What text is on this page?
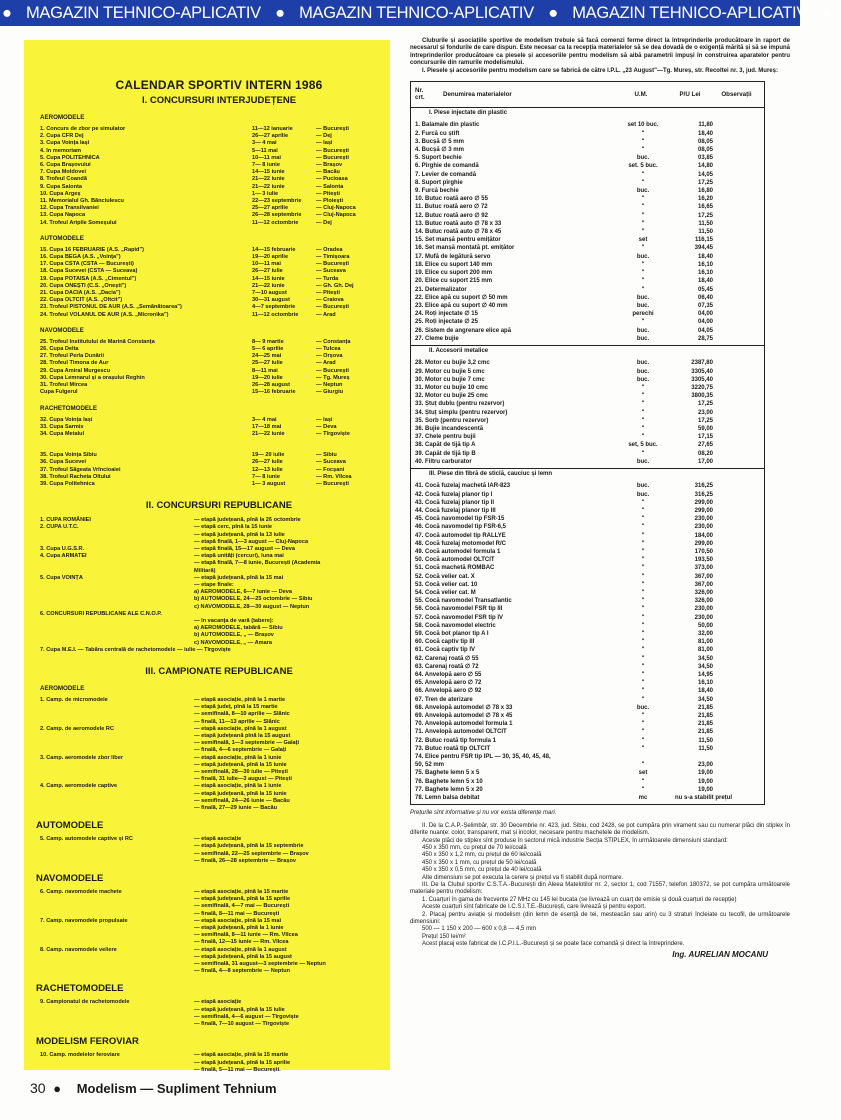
● MAGAZIN TEHNICO-APLICATIV ● MAGAZIN TEHNICO-APLICATIV ● MAGAZIN TEHNICO-APLICATIV ●
CALENDAR SPORTIV INTERN 1986
I. CONCURSURI INTERJUDEȚENE
AEROMODELE
1. Concurs de zbor pe simulator	11—12 ianuarie	— București
2. Cupa CFR Dej	26—27 aprilie	— Dej
3. Cupa Voința Iași	3— 4 mai	— Iași
4. In memoriam	5—11 mai	— București
5. Cupa POLITEHNICA	10—11 mai	— București
6. Cupa Brașovului	7— 8 iunie	— Brașov
7. Cupa Moldovei	14—15 iunie	— Bacău
8. Trofeul Coandă	21—22 iunie	— Pucioasa
9. Cupa Salonta	21—22 iunie	— Salonta
10. Cupa Argeș	1— 3 iulie	— Pitești
11. Memorialul Gh. Bănciulescu	22—23 septembrie	— Ploiești
12. Cupa Transilvaniei	25—27 aprilie	— Cluj-Napoca
13. Cupa Napoca	26—28 septembrie	— Cluj-Napoca
14. Trofeul Aripile Someșului	11—12 octombrie	— Dej
AUTOMODELE
15. Cupa 16 FEBRUARIE (A.S. „Rapid")	14—15 februarie	— Oradea
16. Cupa BEGA (A.S. „Voința")	19—20 aprilie	— Timișoara
17. Cupa CSTA (CSTA — București)	10—11 mai	— București
18. Cupa Sucevei (CSTA — Suceava)	26—27 iulie	— Suceava
19. Cupa POTAISA (A.S. „Cimentul")	14—15 iunie	— Turda
20. Cupa ONEȘTI (C.S. „Onești")	21—22 iunie	— Gh. Gh. Dej
21. Cupa DACIA (A.S. „Dacia")	7—10 august	— Pitești
22. Cupa OLTCIT (A.S. „Oltcit")	30—31 august	— Craiova
23. Trofeul PISTONUL DE AUR (A.S. „Semănătoarea")	4—7 septembrie	— București
24. Trofeul VOLANUL DE AUR (A.S. „Micronika")	11—12 octombrie	— Arad
NAVOMODELE
25. Trofeul Institutului de Marină Constanța	8— 9 martie	— Constanța
26. Cupa Delta	5— 6 aprilie	— Tulcea
27. Trofeul Perla Dunării	24—25 mai	— Orșova
28. Trofeul Timona de Aur	25—27 iulie	— Arad
29. Cupa Amiral Murgescu	8—11 mai	— București
30. Cupa Lemnarul și a orașului Reghin	19—20 iulie	— Tg. Mureș
31. Trofeul Mircea	26—28 august	— Neptun
Cupa Fulgerul	15—16 februarie	— Giurgiu
RACHETOMODELE
32. Cupa Voința Iași	3— 4 mai	— Iași
33. Cupa Sarmis	17—18 mai	— Deva
34. Cupa Metalul	21—22 iunie	— Tîrgoviște
35. Cupa Voința Sibiu	19— 20 iulie	— Sibiu
36. Cupa Sucevei	26—27 iulie	— Suceava
37. Trofeul Săgeata Vrîncioaiei	12—13 iulie	— Focșani
38. Trofeul Racheta Oltului	7— 8 iunie	— Rm. Vîlcea
39. Cupa Politehnica	1— 3 august	— București
II. CONCURSURI REPUBLICANE
1. CUPA ROMÂNIEI	— etapă județeană, pînă la 26 octombrie
2. CUPA U.T.C.	— etapă cerc, pînă la 15 iunie
— etapă județeană, pînă la 13 iulie
— etapă finală, 1—3 august — Cluj-Napoca
3. Cupa U.G.S.R.	— etapă finală, 15—17 august — Deva
4. Cupa ARMATEI	— etapă unități (cercuri), luna mai
— etapă finală, 7—8 iunie, București (Academia
Militară)
5. Cupa VOINȚA	— etapă județeană, pînă la 15 mai
— etape finale:
a) AEROMODELE, 6—7 iunie — Deva
b) AUTOMODELE, 24—25 octombrie — Sibiu
c) NAVOMODELE, 28—30 august — Neptun
6. CONCURSURI REPUBLICANE ALE C.N.O.P.

— în vacanța de vară (tabere):
a) AEROMODELE, tabără — Sibiu
b) AUTOMODELE, „ — Brașov
c) NAVOMODELE, „ — Amara
7. Cupa M.E.I. — Tabăra centrală de rachetomodele — iulie — Tîrgoviște
III. CAMPIONATE REPUBLICANE
AEROMODELE
1. Camp. de micromodele	— etapă asociație, pînă la 1 martie
— etapă județ, pînă la 15 martie
— semifinală, 8—10 aprilie — Slănic
— finală, 11—13 aprilie — Slănic
2. Camp. de aeromodele RC	— etapă asociație, pînă la 1 august
— etapă județeană pînă la 15 august
— semifinală, 1—3 septembrie — Galați
— finală, 4—6 septembrie — Galați
3. Camp. aeromodele zbor liber	— etapă asociație, pînă la 1 iunie
— etapă județeană, pînă la 15 iunie
— semifinală, 28—30 iulie — Pitești
— finală, 31 iulie—3 august — Pitești
4. Camp. aeromodele captive	— etapă asociație, pînă la 1 iunie
— etapă județeană, pînă la 15 iunie
— semifinală, 24—26 iunie — Bacău
— finală, 27—29 iunie — Bacău
AUTOMODELE
5. Camp. automodele captive și RC	— etapă asociație
— etapă județeană, pînă la 15 septembrie
— semifinală, 22—25 septembrie — Brașov
— finală, 26—28 septembrie — Brașov
NAVOMODELE
6. Camp. navomodele machete	— etapă asociație, pînă la 15 martie
— etapă județeană, pînă la 15 aprilie
— semifinală, 4—7 mai — București
— finală, 8—11 mai — București
7. Camp. navomodele propulsate	— etapă asociație, pînă la 15 mai
— etapă județeană, pînă la 1 iunie
— semifinală, 8—11 iunie — Rm. Vîlcea
— finală, 12—15 iunie — Rm. Vîlcea
8. Camp. navomodele veliere	— etapă asociație, pînă la 1 august
— etapă județeană, pînă la 15 august
— semifinală, 31 august—3 septembrie — Neptun
— finală, 4—8 septembrie — Neptun
RACHETOMODELE
9. Campionatul de rachetomodele	— etapă asociație
— etapă județeană, pînă la 15 iulie
— semifinală, 4—6 august — Tîrgoviște
— finală, 7—10 august — Tîrgoviște
MODELISM FEROVIAR
10. Camp. modelelor feroviare	— etapă asociație, pînă la 15 martie
— etapă județeană, pînă la 15 aprilie
— finală, 5—11 mai — București.
30 ● Modelism — Supliment Tehnium
Cluburile și asociațiile sportive de modelism trebuie să facă comenzi ferme direct la întreprinderile producătoare în raport de necesarul și fondurile de care dispun. Este necesar ca la recepția materialelor să se dea dovadă de o exigență mărită și să se impună întreprinderilor producătoare ca piesele și accesoriile pentru modelism să aibă parametrii impuși în construirea aparatelor pentru concursurile din ramurile modelismului.
I. Piesele și accesoriile pentru modelism care se fabrică de către I.P.L. „23 August"—Tg. Mureș, str. Recoltei nr. 3, jud. Mureș:
Nr. crt.	Denumirea materialelor	U.M.	P/U Lei	Observații
I. Piese injectate din plastic
1. Balamale din plastic	set 10 buc.	11,80
2. Furcă cu știft	"	18,40
3. Bucșă ∅ 5 mm	"	08,05
4. Bucșă ∅ 3 mm	"	08,05
5. Suport bechie	buc.	03,85
6. Pîrghie de comandă	set. 5 buc.	14,80
7. Levier de comandă	"	14,05
8. Suport pîrghie	"	17,25
9. Furcă bechie	buc.	16,80
10. Butuc roată aero ∅ 55	"	16,20
11. Butuc roată aero ∅ 72	"	16,65
12. Butuc roată aero ∅ 92	"	17,25
13. Butuc roată auto ∅ 78 x 33	"	11,50
14. Butuc roată auto ∅ 78 x 45	"	11,50
15. Set manșă pentru emițător	set	116,15
16. Set manșă montată pt. emițător	"	394,45
17. Mufă de legătură servo	buc.	18,40
18. Elice cu suport 140 mm	"	16,10
19. Elice cu suport 200 mm	"	16,10
20. Elice cu suport 215 mm	"	18,40
21. Determalizator	"	05,45
22. Elice apă cu suport ∅ 50 mm	buc.	06,40
23. Elice apă cu suport ∅ 40 mm	buc.	07,35
24. Roți injectate ∅ 15	perechi	04,00
25. Roți injectate ∅ 25	"	04,00
26. Sistem de angrenare elice apă	buc.	04,05
27. Cleme bujie	buc.	28,75
II. Accesorii metalice
28. Motor cu bujie 3,2 cmc	buc.	2387,80
29. Motor cu bujie 5 cmc	buc.	3305,40
30. Motor cu bujie 7 cmc	buc.	3305,40
31. Motor cu bujie 10 cmc	"	3220,75
32. Motor cu bujie 25 cmc	"	3800,35
33. Ștuț dublu (pentru rezervor)	"	17,25
34. Ștuț simplu (pentru rezervor)	"	23,00
35. Sorb (pentru rezervor)	"	17,25
36. Bujie incandescentă	"	59,00
37. Chele pentru bujii	"	17,15
38. Capăt de tijă tip A	set, 5 buc.	27,65
39. Capăt de tijă tip B	"	08,20
40. Filtru carburator	buc.	17,00
III. Piese din fibră de sticlă, cauciuc și lemn
41. Cocă fuzelaj machetă IAR-823	buc.	316,25
42. Cocă fuzelaj planor tip I	buc.	316,25
43. Cocă fuzelaj planor tip II	"	299,00
44. Cocă fuzelaj planor tip III	"	299,00
45. Cocă navomodel tip FSR-15	"	230,00
46. Cocă navomodel tip FSR-6,5	"	230,00
47. Cocă automodel tip RALLYE	"	184,00
48. Cocă fuzelaj motomodel R/C	"	299,00
49. Cocă automodel formula 1	"	170,50
50. Cocă automodel OLTCIT	"	193,50
51. Cocă machetă ROMBAC	"	373,00
52. Cocă velier cat. X	"	367,00
53. Cocă velier cat. 10	"	367,00
54. Cocă velier cat. M	"	326,00
55. Cocă navomodel Transatlantic	"	326,00
56. Cocă navomodel FSR tip III	"	230,00
57. Cocă navomodel FSR tip IV	"	230,00
58. Cocă navomodel electric	"	50,00
59. Cocă bot planor tip A I	"	32,00
60. Cocă captiv tip III	"	81,00
61. Cocă captiv tip IV	"	81,00
62. Carenaj roată ∅ 55	"	34,50
63. Carenaj roată ∅ 72	"	34,50
64. Anvelopă aero ∅ 55	"	14,95
65. Anvelopă aero ∅ 72	"	16,10
66. Anvelopă aero ∅ 92	"	18,40
67. Tren de aterizare	"	34,50
68. Anvelopă automodel ∅ 78 x 33	buc.	21,85
69. Anvelopă automodel ∅ 78 x 45	"	21,85
70. Anvelopă automodel formula 1	"	21,85
71. Anvelopă automodel OLTCIT	"	21,85
72. Butuc roată tip formula 1	"	11,50
73. Butuc roată tip OLTCIT	"	11,50
74. Elice pentru FSR tip IPL — 30, 35, 40, 45, 48,
50, 52 mm	"	23,00
75. Baghete lemn 5 x 5	set	19,00
76. Baghete lemn 5 x 10	"	19,00
77. Baghete lemn 5 x 20	"	19,00
78. Lemn balsa debitat	mc	nu s-a stabilit prețul
Prețurile sînt informative și nu vor exista diferențe mari.
II. De la C.A.P.-Șelimbăr, str. 30 Decembrie nr. 423, jud. Sibiu, cod 2428, se pot cumpăra prin virament sau cu numerar plăci din stiplex în diferite nuanțe: color, transparent, mat și incolor, necesare pentru machetele de modelism.
Aceste plăci de stiplex sînt produse în sectorul mică industrie Secția STIPLEX, în următoarele dimensiuni standard:
450 x 350 mm, cu prețul de 70 lei/coală
450 x 350 x 1,2 mm, cu prețul de 60 lei/coală
450 x 350 x 1 mm, cu prețul de 50 lei/coală
450 x 350 x 0,5 mm, cu prețul de 40 lei/coală
Alte dimensiuni se pot executa la cerere și prețul va fi stabilit după normare.
III. De la Clubul sportiv C.S.T.A.-București din Aleea Matelotilor nr. 2, sector 1, cod 71557, telefon 180372, se pot cumpăra următoarele materiale pentru modelism:
1. Cuarțuri în gama de frecvențe 27 MHz cu 145 lei bucata (se livrează un cuarț de emisie și două cuarțuri de recepție)
Aceste cuarțuri sînt fabricate de I.C.S.I.T.E.-București, care livrează și pentru export.
2. Placaj pentru aviație și modelism (din lemn de esență de tei, mesteacăn sau arin) cu 3 straturi încleiate cu tecofil, de următoarele dimensiuni:
500 — 1 150 x 200 — 600 x 0,8 — 4,5 mm
Prețul 150 lei/m²
Acest placaj este fabricat de I.C.P.I.L.-București și se poate face comandă și direct la întreprindere.
Ing. AURELIAN MOCANU
